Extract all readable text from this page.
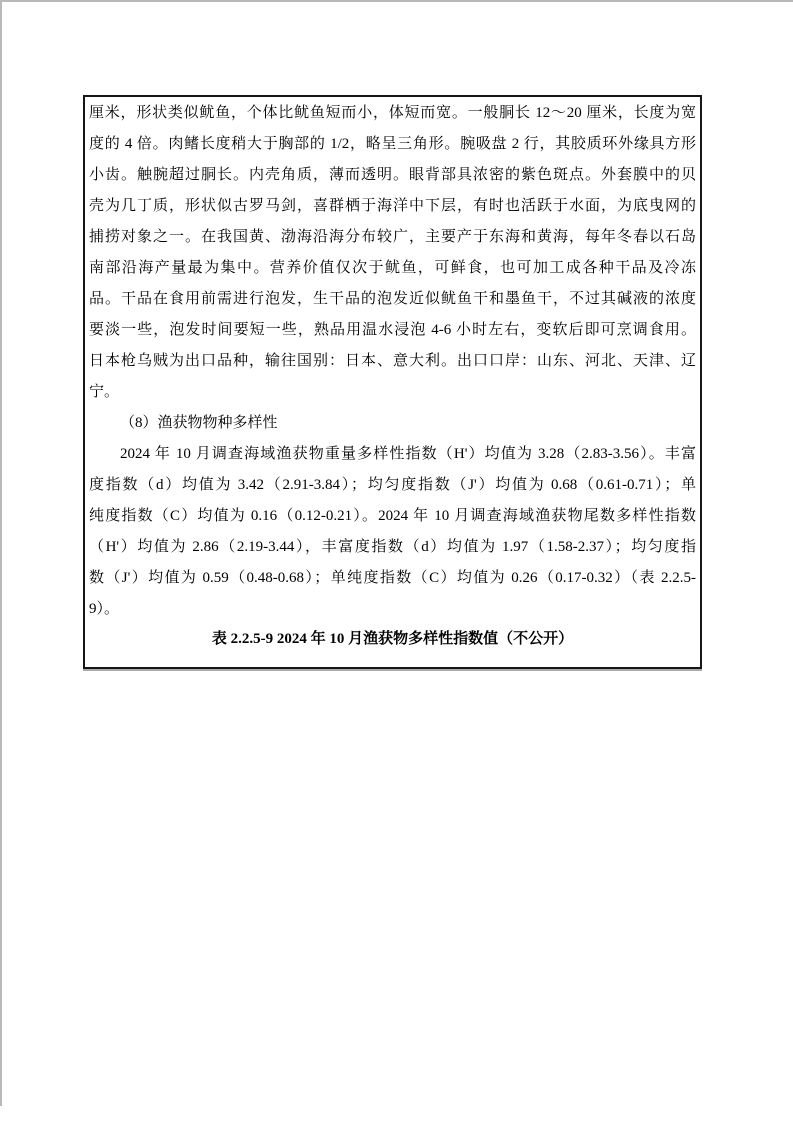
厘米，形状类似鱿鱼，个体比鱿鱼短而小，体短而宽。一般胴长 12～20 厘米，长度为宽
度的 4 倍。肉鳍长度稍大于胸部的 1/2，略呈三角形。腕吸盘 2 行，其胶质环外缘具方形
小齿。触腕超过胴长。内壳角质，薄而透明。眼背部具浓密的紫色斑点。外套膜中的贝
壳为几丁质，形状似古罗马剑，喜群栖于海洋中下层，有时也活跃于水面，为底曳网的
捕捞对象之一。在我国黄、渤海沿海分布较广，主要产于东海和黄海，每年冬春以石岛
南部沿海产量最为集中。营养价值仅次于鱿鱼，可鲜食，也可加工成各种干品及冷冻
品。干品在食用前需进行泡发，生干品的泡发近似鱿鱼干和墨鱼干，不过其碱液的浓度
要淡一些，泡发时间要短一些，熟品用温水浸泡 4-6 小时左右，变软后即可烹调食用。
日本枪乌贼为出口品种，输往国别：日本、意大利。出口口岸：山东、河北、天津、辽
宁。
（8）渔获物物种多样性
2024 年 10 月调查海域渔获物重量多样性指数（H'）均值为 3.28（2.83-3.56）。丰富
度指数（d）均值为 3.42（2.91-3.84）；均匀度指数（J'）均值为 0.68（0.61-0.71）；单
纯度指数（C）均值为 0.16（0.12-0.21）。2024 年 10 月调查海域渔获物尾数多样性指数
（H'）均值为 2.86（2.19-3.44），丰富度指数（d）均值为 1.97（1.58-2.37）；均匀度指
数（J'）均值为 0.59（0.48-0.68）；单纯度指数（C）均值为 0.26（0.17-0.32）（表 2.2.5-
9）。
表 2.2.5-9 2024 年 10 月渔获物多样性指数值（不公开）
